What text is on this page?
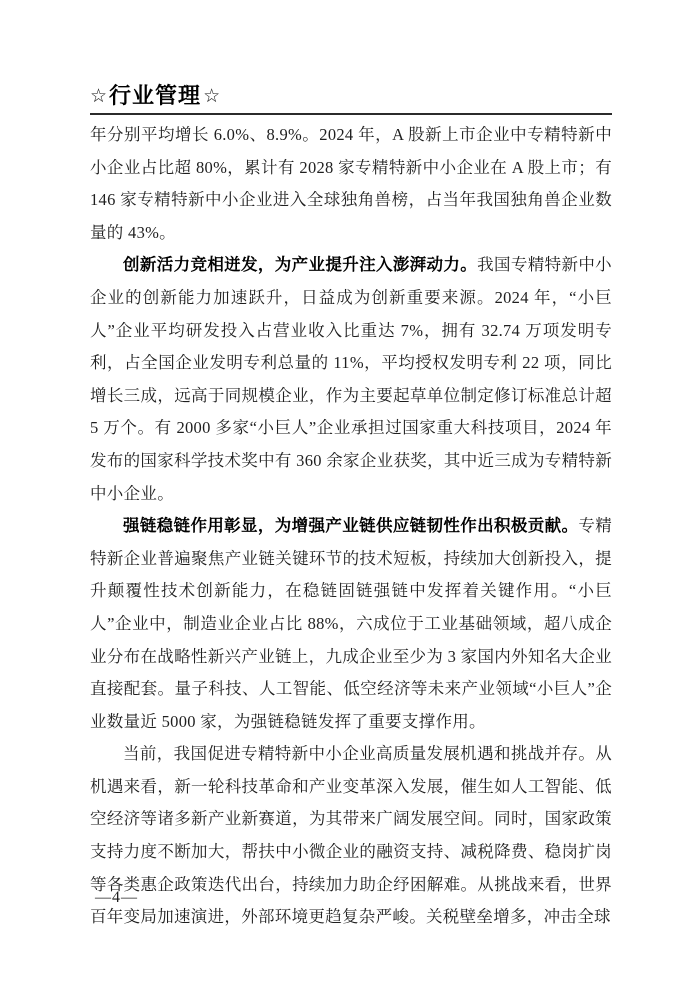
☆ 行业管理 ☆

年分别平均增长 6.0%、8.9%。2024 年，A 股新上市企业中专精特新中小企业占比超 80%，累计有 2028 家专精特新中小企业在 A 股上市；有 146 家专精特新中小企业进入全球独角兽榜，占当年我国独角兽企业数量的 43%。

创新活力竞相迸发，为产业提升注入澎湃动力。我国专精特新中小企业的创新能力加速跃升，日益成为创新重要来源。2024 年，“小巨人”企业平均研发投入占营业收入比重达 7%，拥有 32.74 万项发明专利，占全国企业发明专利总量的 11%，平均授权发明专利 22 项，同比增长三成，远高于同规模企业，作为主要起草单位制定修订标准总计超 5 万个。有 2000 多家“小巨人”企业承担过国家重大科技项目，2024 年发布的国家科学技术奖中有 360 余家企业获奖，其中近三成为专精特新中小企业。

强链稳链作用彰显，为增强产业链供应链韧性作出积极贡献。专精特新企业普遍聚焦产业链关键环节的技术短板，持续加大创新投入，提升颠覆性技术创新能力，在稳链固链强链中发挥着关键作用。“小巨人”企业中，制造业企业占比 88%，六成位于工业基础领域，超八成企业分布在战略性新兴产业链上，九成企业至少为 3 家国内外知名大企业直接配套。量子科技、人工智能、低空经济等未来产业领域“小巨人”企业数量近 5000 家，为强链稳链发挥了重要支撑作用。

当前，我国促进专精特新中小企业高质量发展机遇和挑战并存。从机遇来看，新一轮科技革命和产业变革深入发展，催生如人工智能、低空经济等诸多新产业新赛道，为其带来广阔发展空间。同时，国家政策支持力度不断加大，帮扶中小微企业的融资支持、减税降费、稳岗扩岗等各类惠企政策迭代出台，持续加力助企纾困解难。从挑战来看，世界百年变局加速演进，外部环境更趋复杂严峻。关税壁垒增多，冲击全球

—4—
